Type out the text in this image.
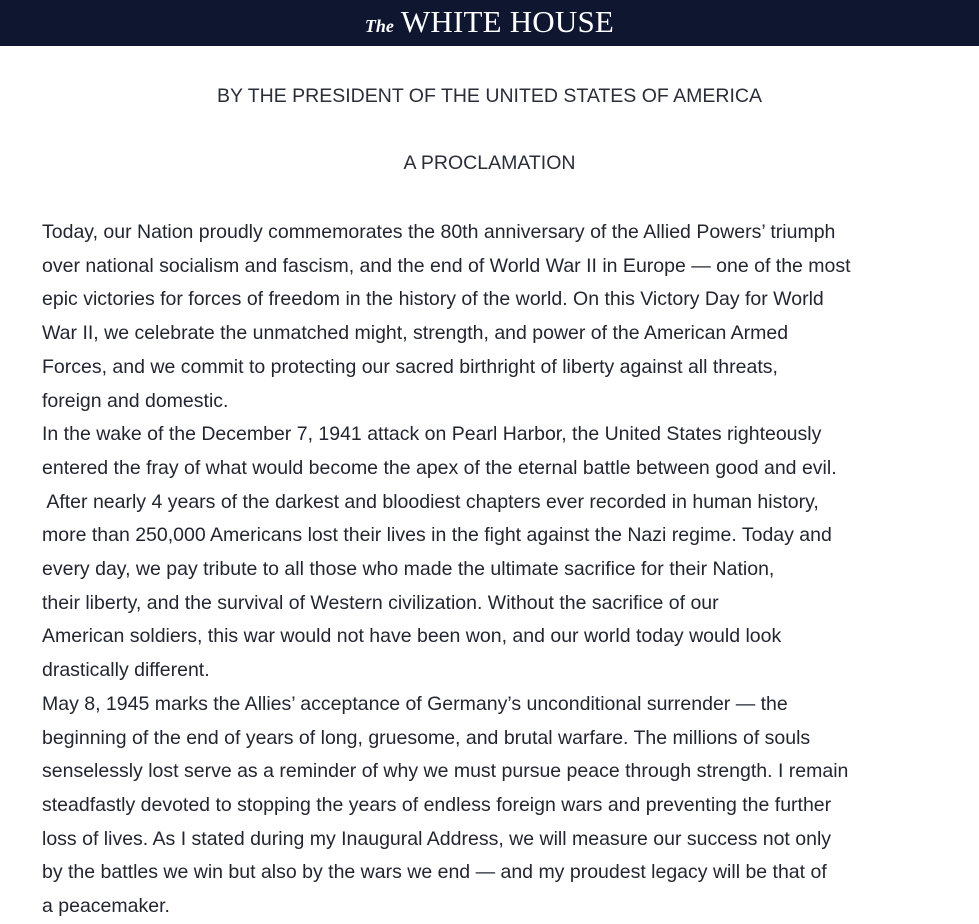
The WHITE HOUSE
BY THE PRESIDENT OF THE UNITED STATES OF AMERICA
A PROCLAMATION
Today, our Nation proudly commemorates the 80th anniversary of the Allied Powers’ triumph
over national socialism and fascism, and the end of World War II in Europe — one of the most
epic victories for forces of freedom in the history of the world. On this Victory Day for World
War II, we celebrate the unmatched might, strength, and power of the American Armed
Forces, and we commit to protecting our sacred birthright of liberty against all threats,
foreign and domestic.
In the wake of the December 7, 1941 attack on Pearl Harbor, the United States righteously
entered the fray of what would become the apex of the eternal battle between good and evil.
After nearly 4 years of the darkest and bloodiest chapters ever recorded in human history,
more than 250,000 Americans lost their lives in the fight against the Nazi regime. Today and
every day, we pay tribute to all those who made the ultimate sacrifice for their Nation,
their liberty, and the survival of Western civilization. Without the sacrifice of our
American soldiers, this war would not have been won, and our world today would look
drastically different.
May 8, 1945 marks the Allies’ acceptance of Germany’s unconditional surrender — the
beginning of the end of years of long, gruesome, and brutal warfare. The millions of souls
senselessly lost serve as a reminder of why we must pursue peace through strength. I remain
steadfastly devoted to stopping the years of endless foreign wars and preventing the further
loss of lives. As I stated during my Inaugural Address, we will measure our success not only
by the battles we win but also by the wars we end — and my proudest legacy will be that of
a peacemaker.
